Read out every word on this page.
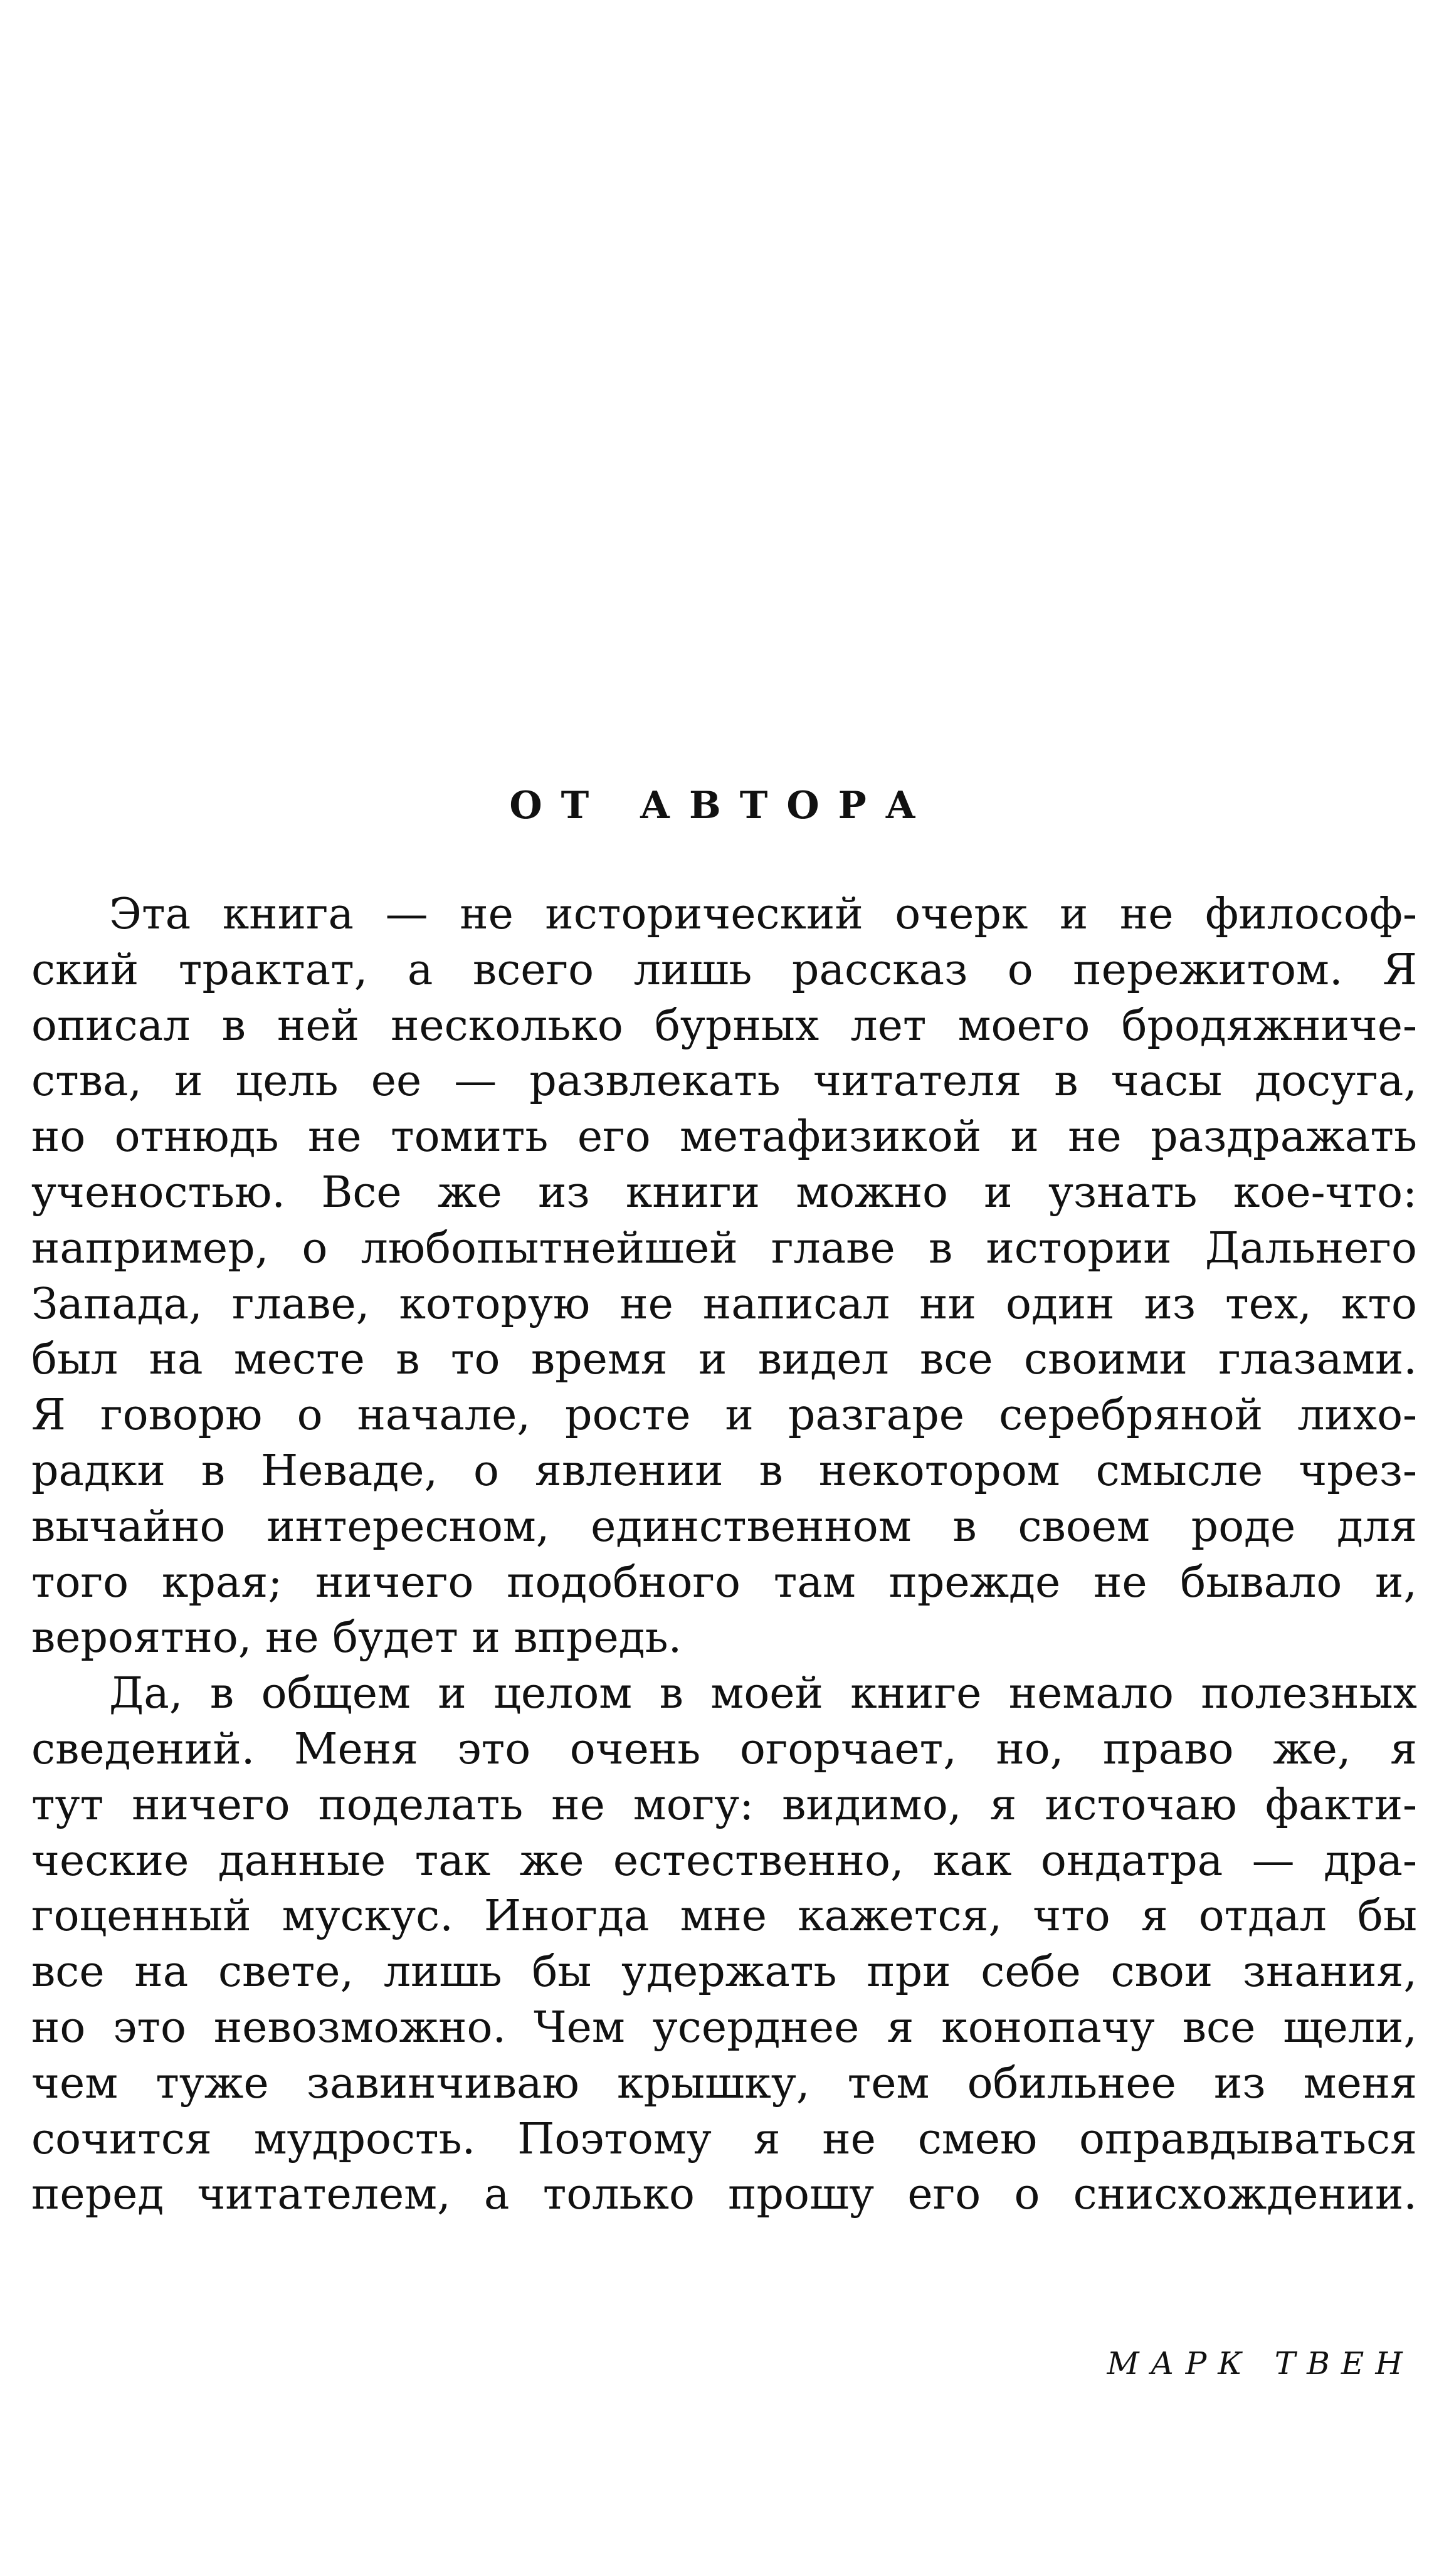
ОТ АВТОРА
Эта книга — не исторический очерк и не философ-
ский трактат, а всего лишь рассказ о пережитом. Я
описал в ней несколько бурных лет моего бродяжниче-
ства, и цель ее — развлекать читателя в часы досуга,
но отнюдь не томить его метафизикой и не раздражать
ученостью. Все же из книги можно и узнать кое-что:
например, о любопытнейшей главе в истории Дальнего
Запада, главе, которую не написал ни один из тех, кто
был на месте в то время и видел все своими глазами.
Я говорю о начале, росте и разгаре серебряной лихо-
радки в Неваде, о явлении в некотором смысле чрез-
вычайно интересном, единственном в своем роде для
того края; ничего подобного там прежде не бывало и,
вероятно, не будет и впредь.
Да, в общем и целом в моей книге немало полезных
сведений. Меня это очень огорчает, но, право же, я
тут ничего поделать не могу: видимо, я источаю факти-
ческие данные так же естественно, как ондатра — дра-
гоценный мускус. Иногда мне кажется, что я отдал бы
все на свете, лишь бы удержать при себе свои знания,
но это невозможно. Чем усерднее я конопачу все щели,
чем туже завинчиваю крышку, тем обильнее из меня
сочится мудрость. Поэтому я не смею оправдываться
перед читателем, а только прошу его о снисхождении.
МАРК ТВЕН
